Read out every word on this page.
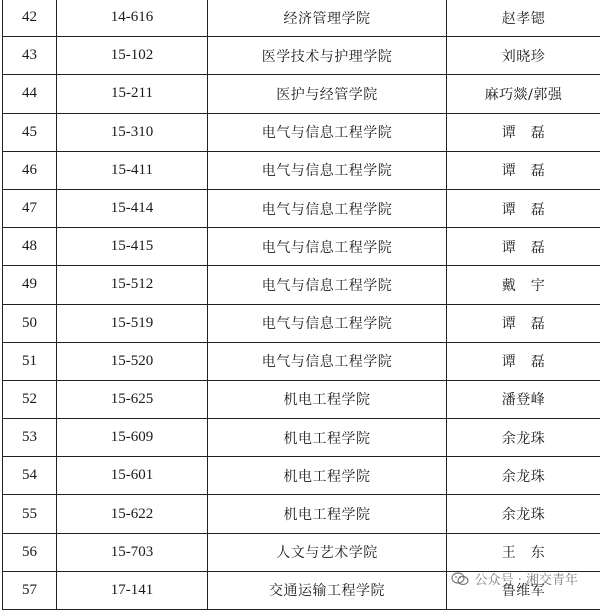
42	14-616	经济管理学院	赵孝锶
43	15-102	医学技术与护理学院	刘晓珍
44	15-211	医护与经管学院	麻巧燚/郭强
45	15-310	电气与信息工程学院	谭　磊
46	15-411	电气与信息工程学院	谭　磊
47	15-414	电气与信息工程学院	谭　磊
48	15-415	电气与信息工程学院	谭　磊
49	15-512	电气与信息工程学院	戴　宇
50	15-519	电气与信息工程学院	谭　磊
51	15-520	电气与信息工程学院	谭　磊
52	15-625	机电工程学院	潘登峰
53	15-609	机电工程学院	余龙珠
54	15-601	机电工程学院	余龙珠
55	15-622	机电工程学院	余龙珠
56	15-703	人文与艺术学院	王　东
57	17-141	交通运输工程学院	鲁维军
公众号 · 湘交青年
